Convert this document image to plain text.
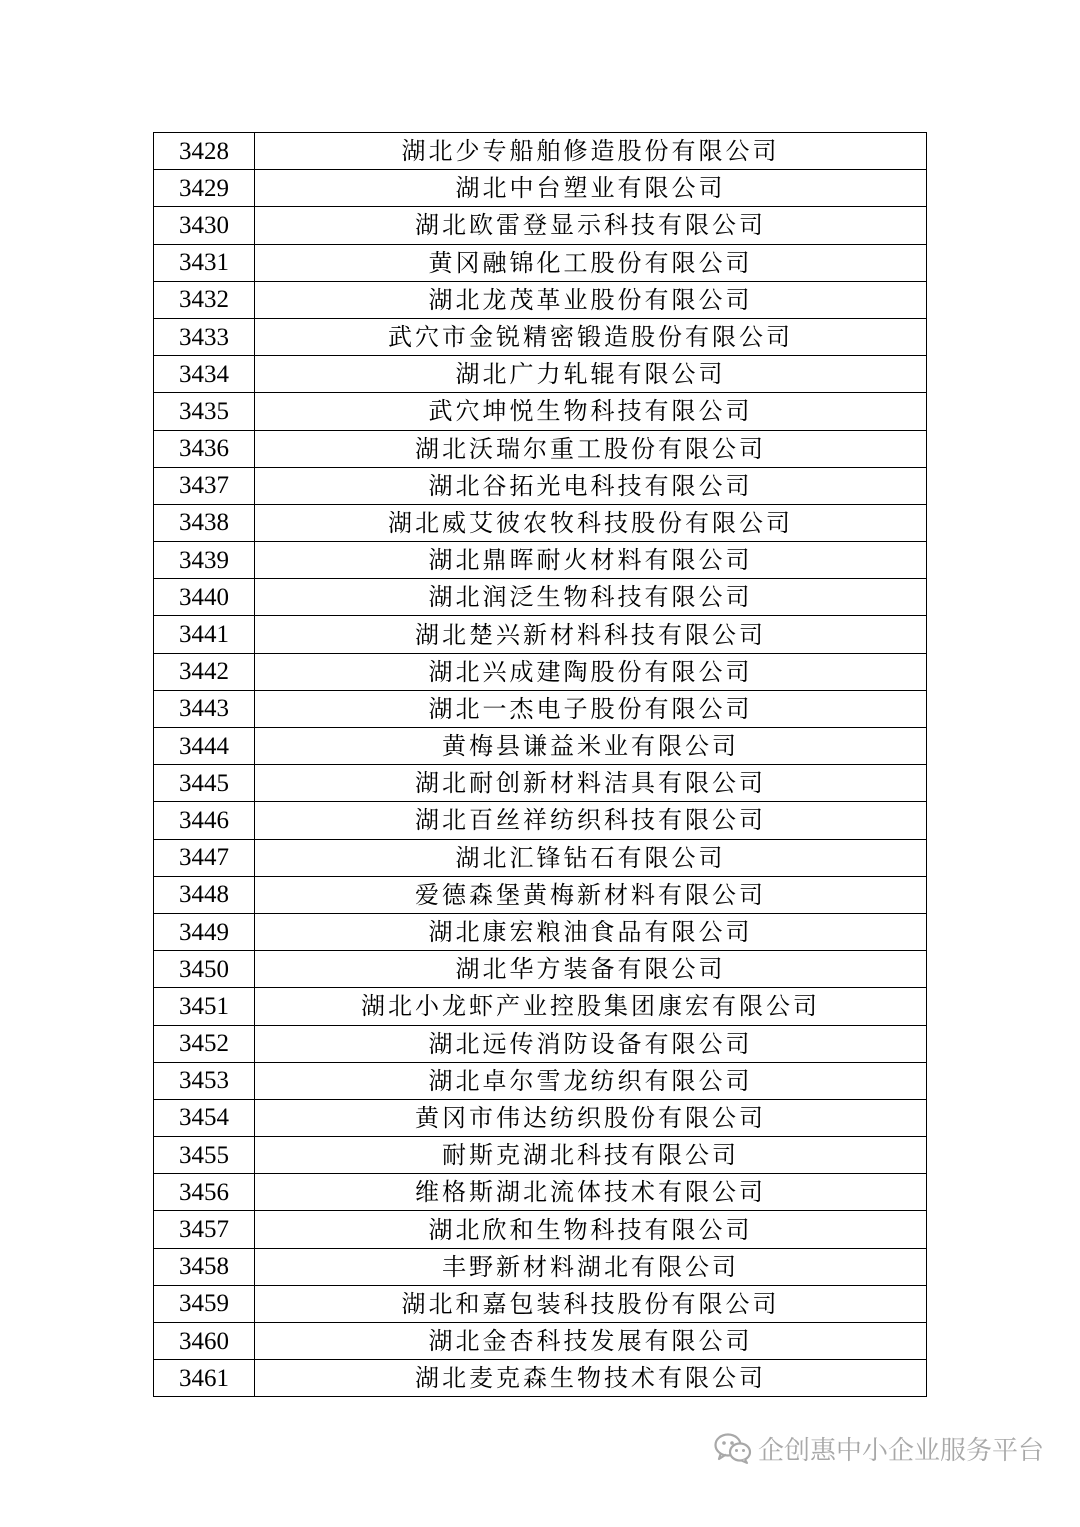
3428	湖北少专船舶修造股份有限公司
3429	湖北中台塑业有限公司
3430	湖北欧雷登显示科技有限公司
3431	黄冈融锦化工股份有限公司
3432	湖北龙茂革业股份有限公司
3433	武穴市金锐精密锻造股份有限公司
3434	湖北广力轧辊有限公司
3435	武穴坤悦生物科技有限公司
3436	湖北沃瑞尔重工股份有限公司
3437	湖北谷拓光电科技有限公司
3438	湖北威艾彼农牧科技股份有限公司
3439	湖北鼎晖耐火材料有限公司
3440	湖北润泛生物科技有限公司
3441	湖北楚兴新材料科技有限公司
3442	湖北兴成建陶股份有限公司
3443	湖北一杰电子股份有限公司
3444	黄梅县谦益米业有限公司
3445	湖北耐创新材料洁具有限公司
3446	湖北百丝祥纺织科技有限公司
3447	湖北汇锋钻石有限公司
3448	爱德森堡黄梅新材料有限公司
3449	湖北康宏粮油食品有限公司
3450	湖北华方装备有限公司
3451	湖北小龙虾产业控股集团康宏有限公司
3452	湖北远传消防设备有限公司
3453	湖北卓尔雪龙纺织有限公司
3454	黄冈市伟达纺织股份有限公司
3455	耐斯克湖北科技有限公司
3456	维格斯湖北流体技术有限公司
3457	湖北欣和生物科技有限公司
3458	丰野新材料湖北有限公司
3459	湖北和嘉包装科技股份有限公司
3460	湖北金杏科技发展有限公司
3461	湖北麦克森生物技术有限公司
企创惠中小企业服务平台
